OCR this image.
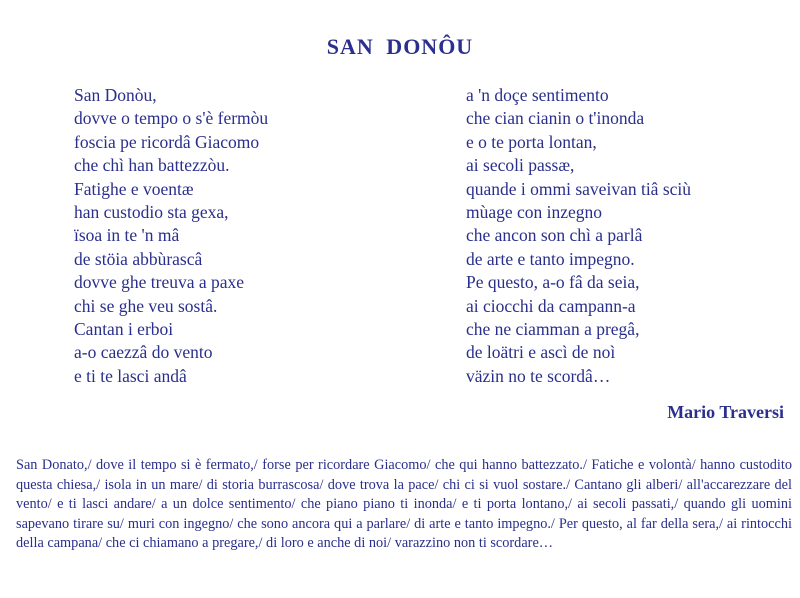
SAN DONÔU
San Donòu,
dovve o tempo o s'è fermòu
foscia pe ricordâ Giacomo
che chì han battezzòu.
Fatighe e voentæ
han custodio sta gexa,
ïsoa in te 'n mâ
de stöia abbùrascâ
dovve ghe treuva a paxe
chi se ghe veu sostâ.
Cantan i erboi
a-o caezzâ do vento
e ti te lasci andâ
a 'n doçe sentimento
che cian cianin o t'inonda
e o te porta lontan,
ai secoli passæ,
quande i ommi saveivan tiâ sciù
mùage con inzegno
che ancon son chì a parlâ
de arte e tanto impegno.
Pe questo, a-o fâ da seia,
ai ciocchi da campann-a
che ne ciamman a pregâ,
de loätri e ascì de noì
väzin no te scordâ…
Mario Traversi
San Donato,/ dove il tempo si è fermato,/ forse per ricordare Giacomo/ che qui hanno battezzato./ Fatiche e volontà/ hanno custodito questa chiesa,/ isola in un mare/ di storia burrascosa/ dove trova la pace/ chi ci si vuol sostare./ Cantano gli alberi/ all'accarezzare del vento/ e ti lasci andare/ a un dolce sentimento/ che piano piano ti inonda/ e ti porta lontano,/ ai secoli passati,/ quando gli uomini sapevano tirare su/ muri con ingegno/ che sono ancora qui a parlare/ di arte e tanto impegno./ Per questo, al far della sera,/ ai rintocchi della campana/ che ci chiamano a pregare,/ di loro e anche di noi/ varazzino non ti scordare…
